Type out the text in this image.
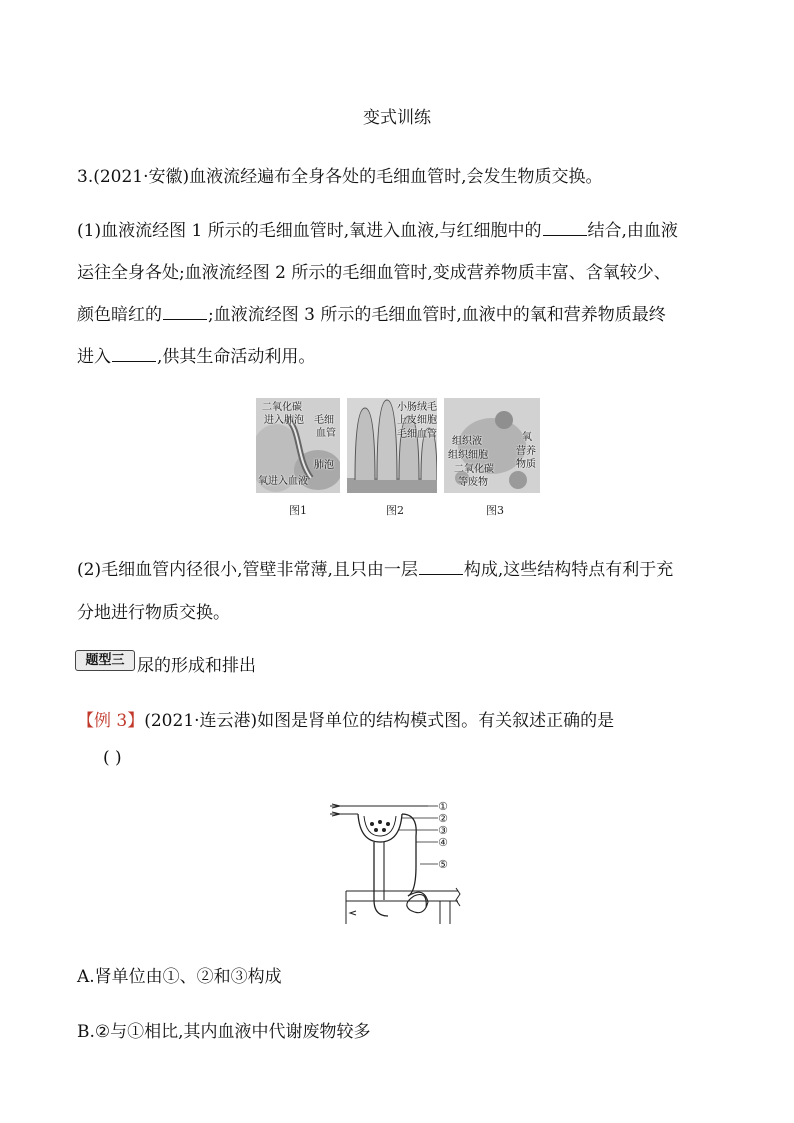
变式训练
3.(2021·安徽)血液流经遍布全身各处的毛细血管时,会发生物质交换。
(1)血液流经图 1 所示的毛细血管时,氧进入血液,与红细胞中的	结合,由血液
运往全身各处;血液流经图 2 所示的毛细血管时,变成营养物质丰富、含氧较少、
颜色暗红的	;血液流经图 3 所示的毛细血管时,血液中的氧和营养物质最终
进入	,供其生命活动利用。
二氧化碳
进入肺泡 毛细
血管
肺泡
氧进入血液
图1
小肠绒毛
上皮细胞
毛细血管
图2
组织液
组织细胞
二氧化碳
等废物
氧
营养
物质
图3
(2)毛细血管内径很小,管壁非常薄,且只由一层	构成,这些结构特点有利于充
分地进行物质交换。
题型三 尿的形成和排出
【例 3】(2021·连云港)如图是肾单位的结构模式图。有关叙述正确的是
( )
①
②
③
④
⑤
A.肾单位由①、②和③构成
B.②与①相比,其内血液中代谢废物较多
